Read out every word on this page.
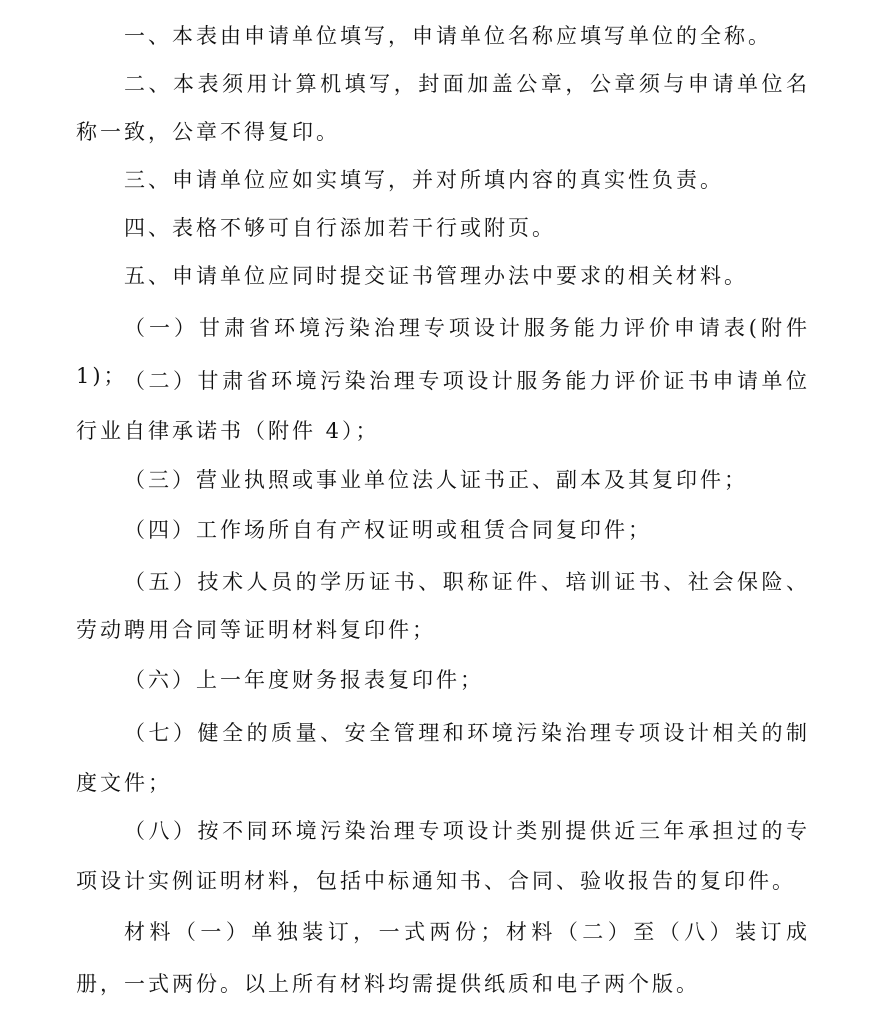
一、本表由申请单位填写，申请单位名称应填写单位的全称。

二、本表须用计算机填写，封面加盖公章，公章须与申请单位名称一致，公章不得复印。

三、申请单位应如实填写，并对所填内容的真实性负责。

四、表格不够可自行添加若干行或附页。

五、申请单位应同时提交证书管理办法中要求的相关材料。

（一）甘肃省环境污染治理专项设计服务能力评价申请表(附件 1)；

（二）甘肃省环境污染治理专项设计服务能力评价证书申请单位行业自律承诺书（附件 4）；

（三）营业执照或事业单位法人证书正、副本及其复印件；

（四）工作场所自有产权证明或租赁合同复印件；

（五）技术人员的学历证书、职称证件、培训证书、社会保险、劳动聘用合同等证明材料复印件；

（六）上一年度财务报表复印件；

（七）健全的质量、安全管理和环境污染治理专项设计相关的制度文件；

（八）按不同环境污染治理专项设计类别提供近三年承担过的专项设计实例证明材料，包括中标通知书、合同、验收报告的复印件。

材料（一）单独装订，一式两份；材料（二）至（八）装订成册，一式两份。以上所有材料均需提供纸质和电子两个版。
